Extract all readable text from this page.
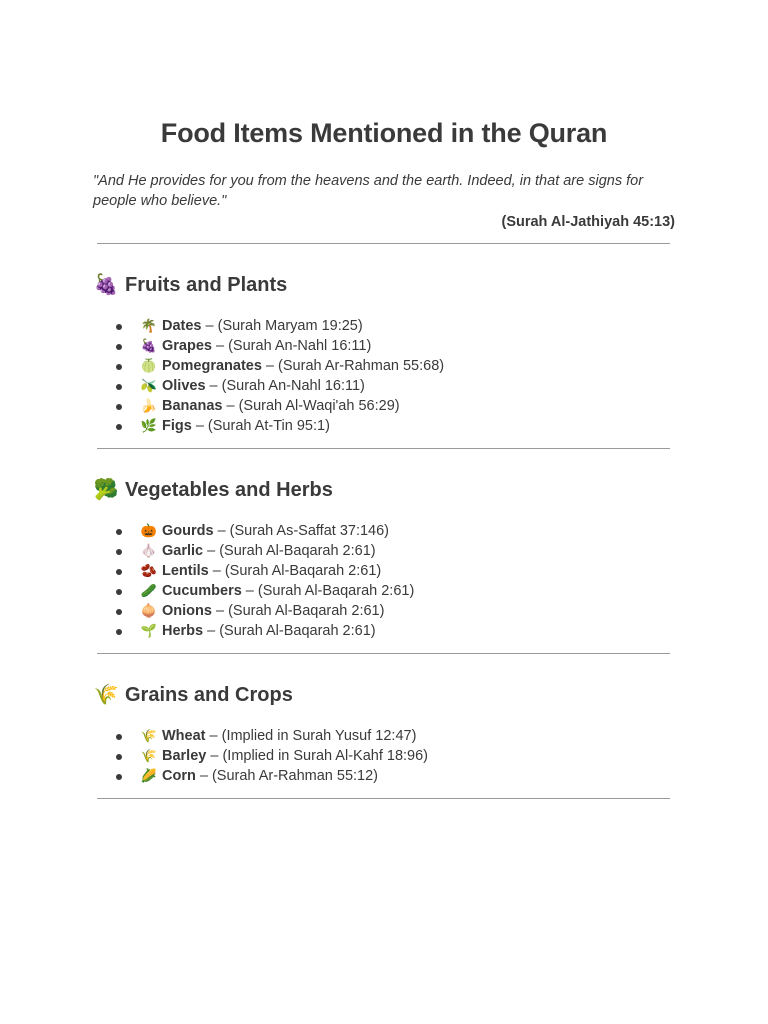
Food Items Mentioned in the Quran

"And He provides for you from the heavens and the earth. Indeed, in that are signs for people who believe."

(Surah Al-Jathiyah 45:13)
🍇 Fruits and Plants
🌴 Dates – (Surah Maryam 19:25)
🍇 Grapes – (Surah An-Nahl 16:11)
🍈 Pomegranates – (Surah Ar-Rahman 55:68)
🫒 Olives – (Surah An-Nahl 16:11)
🍌 Bananas – (Surah Al-Waqi'ah 56:29)
🌿 Figs – (Surah At-Tin 95:1)
🥦 Vegetables and Herbs
🎃 Gourds – (Surah As-Saffat 37:146)
🧄 Garlic – (Surah Al-Baqarah 2:61)
🫘 Lentils – (Surah Al-Baqarah 2:61)
🥒 Cucumbers – (Surah Al-Baqarah 2:61)
🧅 Onions – (Surah Al-Baqarah 2:61)
🌱 Herbs – (Surah Al-Baqarah 2:61)
🌾 Grains and Crops
🌾 Wheat – (Implied in Surah Yusuf 12:47)
🌾 Barley – (Implied in Surah Al-Kahf 18:96)
🌽 Corn – (Surah Ar-Rahman 55:12)
